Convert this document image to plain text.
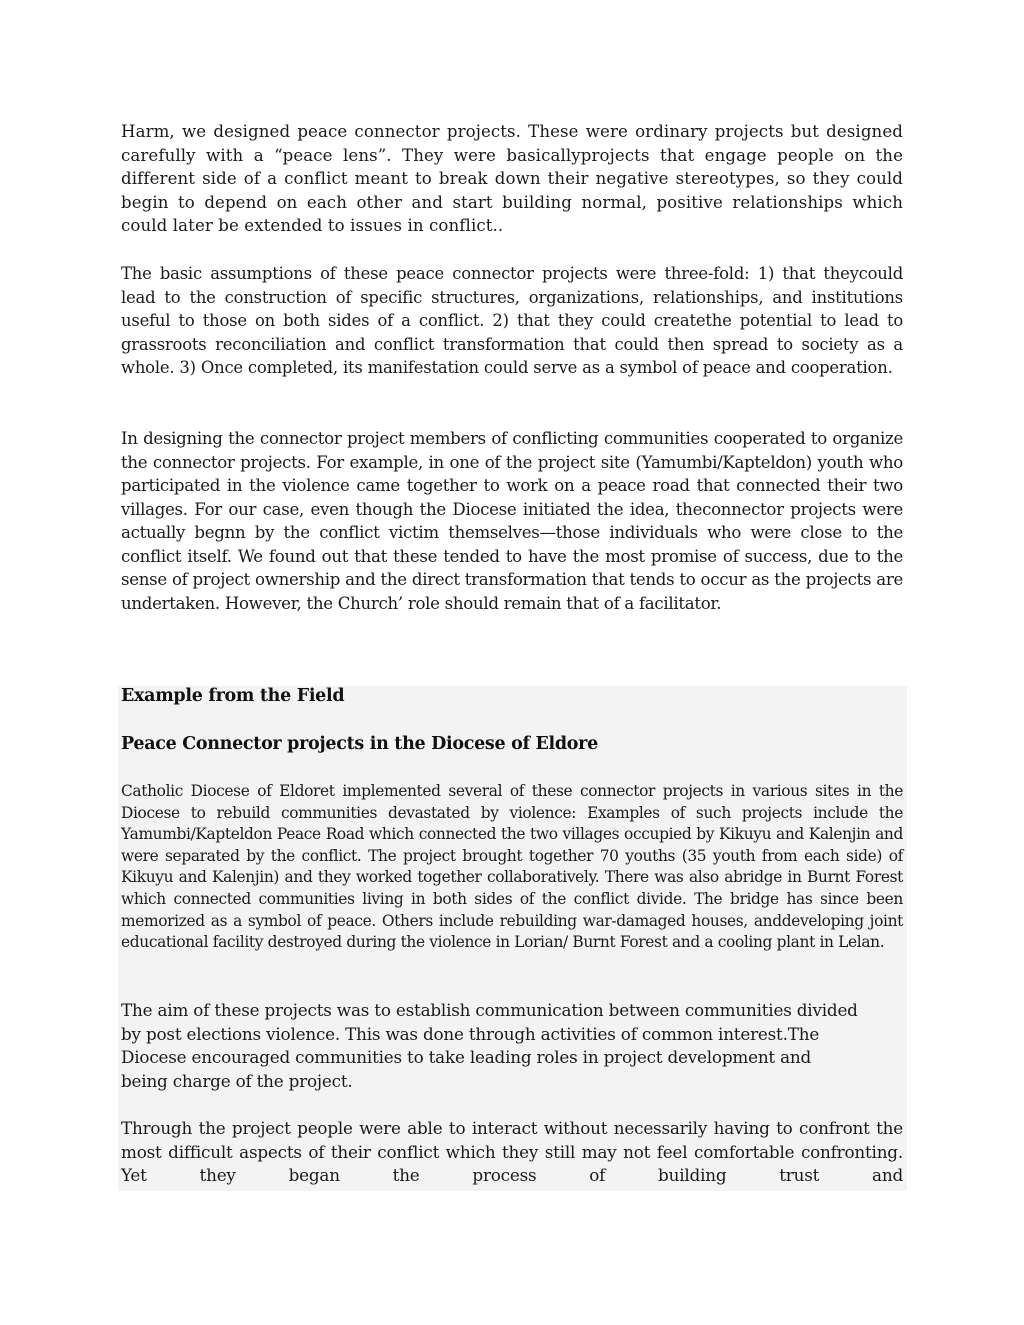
Harm, we designed peace connector projects. These were ordinary projects but designed carefully with a “peace lens”. They were basicallyprojects that engage people on the different side of a conflict meant to break down their negative stereotypes, so they could begin to depend on each other and start building normal, positive relationships which could later be extended to issues in conflict..

The basic assumptions of these peace connector projects were three-fold: 1) that theycould lead to the construction of specific structures, organizations, relationships, and institutions useful to those on both sides of a conflict. 2) that they could createthe potential to lead to grassroots reconciliation and conflict transformation that could then spread to society as a whole. 3) Once completed, its manifestation could serve as a symbol of peace and cooperation.

In designing the connector project members of conflicting communities cooperated to organize the connector projects. For example, in one of the project site (Yamumbi/Kapteldon) youth who participated in the violence came together to work on a peace road that connected their two villages. For our case, even though the Diocese initiated the idea, theconnector projects were actually begnn by the conflict victim themselves—those individuals who were close to the conflict itself. We found out that these tended to have the most promise of success, due to the sense of project ownership and the direct transformation that tends to occur as the projects are undertaken. However, the Church’ role should remain that of a facilitator.

Example from the Field
Peace Connector projects in the Diocese of Eldore

Catholic Diocese of Eldoret implemented several of these connector projects in various sites in the Diocese to rebuild communities devastated by violence: Examples of such projects include the Yamumbi/Kapteldon Peace Road which connected the two villages occupied by Kikuyu and Kalenjin and were separated by the conflict. The project brought together 70 youths (35 youth from each side) of Kikuyu and Kalenjin) and they worked together collaboratively. There was also abridge in Burnt Forest which connected communities living in both sides of the conflict divide. The bridge has since been memorized as a symbol of peace. Others include rebuilding war-damaged houses, anddeveloping joint educational facility destroyed during the violence in Lorian/ Burnt Forest and a cooling plant in Lelan.

The aim of these projects was to establish communication between communities divided by post elections violence. This was done through activities of common interest.The Diocese encouraged communities to take leading roles in project development and being charge of the project.

Through the project people were able to interact without necessarily having to confront the most difficult aspects of their conflict which they still may not feel comfortable confronting. Yet they began the process of building trust and
